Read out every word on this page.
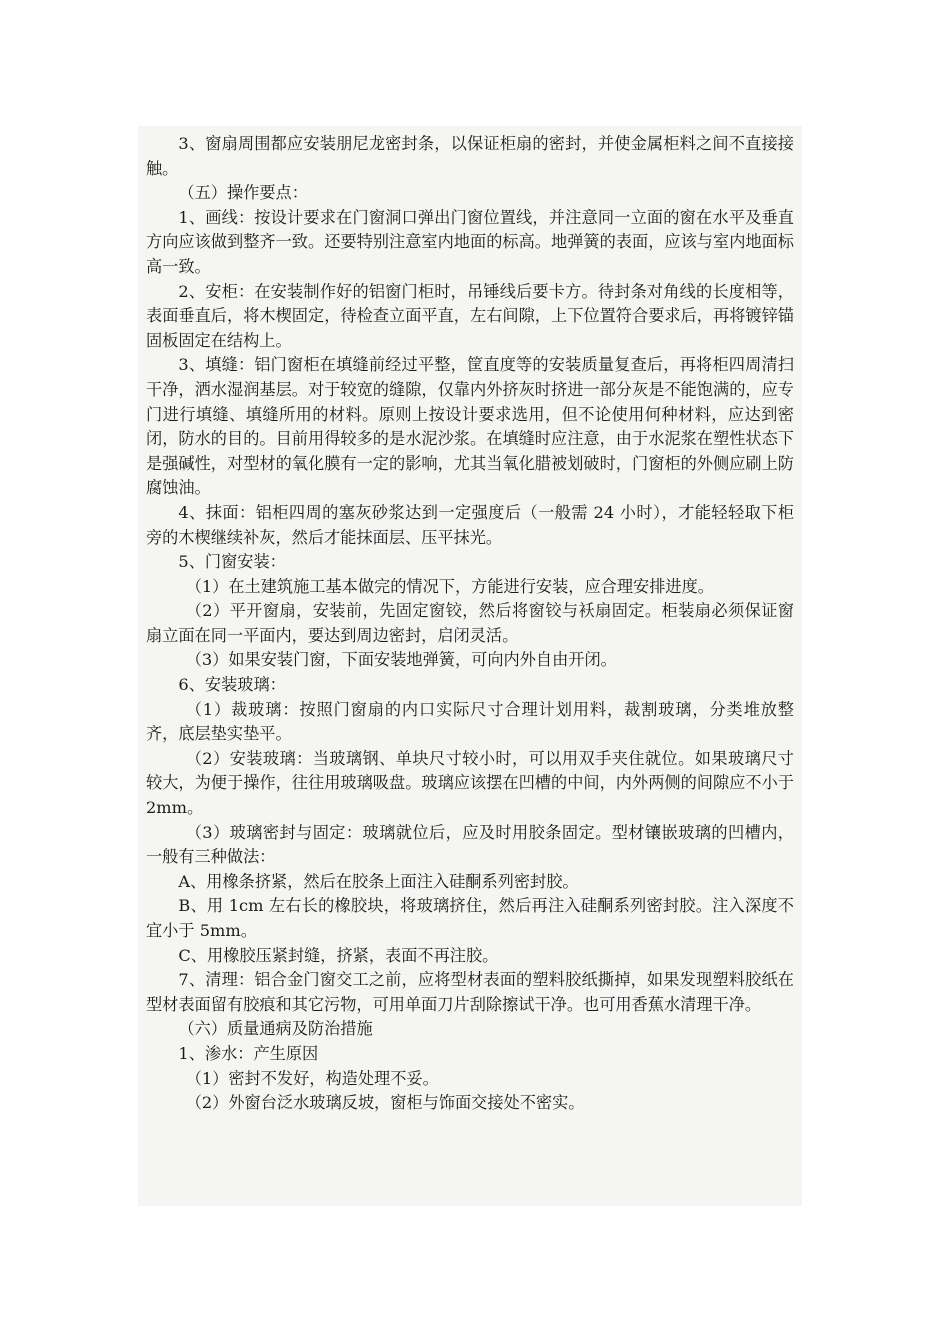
3、窗扇周围都应安装朋尼龙密封条，以保证柜扇的密封，并使金属柜料之间不直接接触。

（五）操作要点：

1、画线：按设计要求在门窗洞口弹出门窗位置线，并注意同一立面的窗在水平及垂直方向应该做到整齐一致。还要特别注意室内地面的标高。地弹簧的表面，应该与室内地面标高一致。

2、安柜：在安装制作好的铝窗门柜时，吊锤线后要卡方。待封条对角线的长度相等，表面垂直后，将木楔固定，待检查立面平直，左右间隙，上下位置符合要求后，再将镀锌锚固板固定在结构上。

3、填缝：铝门窗柜在填缝前经过平整，筐直度等的安装质量复查后，再将柜四周清扫干净，洒水湿润基层。对于较宽的缝隙，仅靠内外挤灰时挤进一部分灰是不能饱满的，应专门进行填缝、填缝所用的材料。原则上按设计要求选用，但不论使用何种材料，应达到密闭，防水的目的。目前用得较多的是水泥沙浆。在填缝时应注意，由于水泥浆在塑性状态下是强碱性，对型材的氧化膜有一定的影响，尤其当氧化腊被划破时，门窗柜的外侧应刷上防腐蚀油。

4、抹面：铝柜四周的塞灰砂浆达到一定强度后（一般需 24 小时），才能轻轻取下柜旁的木楔继续补灰，然后才能抹面层、压平抹光。

5、门窗安装：

（1）在土建筑施工基本做完的情况下，方能进行安装，应合理安排进度。

（2）平开窗扇，安装前，先固定窗铰，然后将窗铰与袄扇固定。柜装扇必须保证窗扇立面在同一平面内，要达到周边密封，启闭灵活。

（3）如果安装门窗，下面安装地弹簧，可向内外自由开闭。

6、安装玻璃：

（1）裁玻璃：按照门窗扇的内口实际尺寸合理计划用料，裁割玻璃，分类堆放整齐，底层垫实垫平。

（2）安装玻璃：当玻璃钢、单块尺寸较小时，可以用双手夹住就位。如果玻璃尺寸较大，为便于操作，往往用玻璃吸盘。玻璃应该摆在凹槽的中间，内外两侧的间隙应不小于 2mm。

（3）玻璃密封与固定：玻璃就位后，应及时用胶条固定。型材镶嵌玻璃的凹槽内，一般有三种做法：

A、用橡条挤紧，然后在胶条上面注入硅酮系列密封胶。

B、用 1cm 左右长的橡胶块，将玻璃挤住，然后再注入硅酮系列密封胶。注入深度不宜小于 5mm。

C、用橡胶压紧封缝，挤紧，表面不再注胶。

7、清理：铝合金门窗交工之前，应将型材表面的塑料胶纸撕掉，如果发现塑料胶纸在型材表面留有胶痕和其它污物，可用单面刀片刮除擦试干净。也可用香蕉水清理干净。

（六）质量通病及防治措施

1、渗水：产生原因

（1）密封不发好，构造处理不妥。

（2）外窗台泛水玻璃反坡，窗柜与饰面交接处不密实。
